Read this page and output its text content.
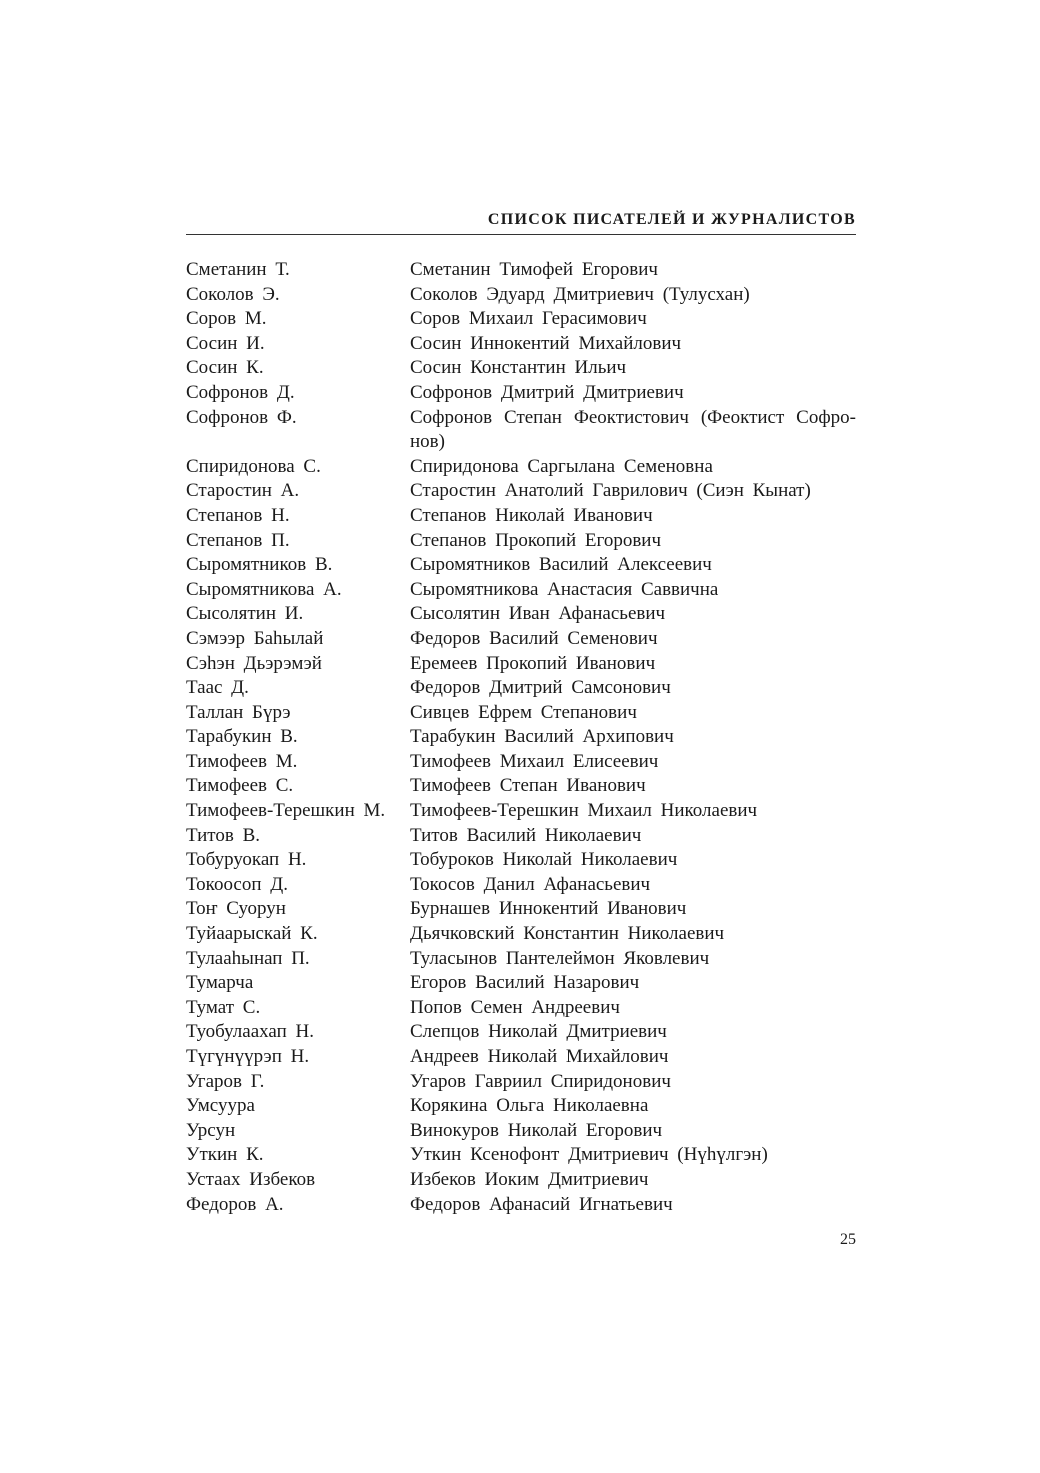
СПИСОК ПИСАТЕЛЕЙ И ЖУРНАЛИСТОВ
Сметанин Т.	Сметанин Тимофей Егорович
Соколов Э.	Соколов Эдуард Дмитриевич (Тулусхан)
Соров М.	Соров Михаил Герасимович
Сосин И.	Сосин Иннокентий Михайлович
Сосин К.	Сосин Константин Ильич
Софронов Д.	Софронов Дмитрий Дмитриевич
Софронов Ф.	Софронов Степан Феоктистович (Феоктист Софронов)
Спиридонова С.	Спиридонова Саргылана Семеновна
Старостин А.	Старостин Анатолий Гаврилович (Сиэн Кынат)
Степанов Н.	Степанов Николай Иванович
Степанов П.	Степанов Прокопий Егорович
Сыромятников В.	Сыромятников Василий Алексеевич
Сыромятникова А.	Сыромятникова Анастасия Саввична
Сысолятин И.	Сысолятин Иван Афанасьевич
Сэмээр Баһылай	Федоров Василий Семенович
Сэһэн Дьэрэмэй	Еремеев Прокопий Иванович
Таас Д.	Федоров Дмитрий Самсонович
Таллан Бүрэ	Сивцев Ефрем Степанович
Тарабукин В.	Тарабукин Василий Архипович
Тимофеев М.	Тимофеев Михаил Елисеевич
Тимофеев С.	Тимофеев Степан Иванович
Тимофеев-Терешкин М.	Тимофеев-Терешкин Михаил Николаевич
Титов В.	Титов Василий Николаевич
Тобуруокап Н.	Тобуроков Николай Николаевич
Токоосоп Д.	Токосов Данил Афанасьевич
Тоҥ Суорун	Бурнашев Иннокентий Иванович
Туйаарыскай К.	Дьячковский Константин Николаевич
Тулааһынап П.	Туласынов Пантелеймон Яковлевич
Тумарча	Егоров Василий Назарович
Тумат С.	Попов Семен Андреевич
Туобулаахап Н.	Слепцов Николай Дмитриевич
Түгүнүүрэп Н.	Андреев Николай Михайлович
Угаров Г.	Угаров Гавриил Спиридонович
Умсуура	Корякина Ольга Николаевна
Урсун	Винокуров Николай Егорович
Уткин К.	Уткин Ксенофонт Дмитриевич (Нүһүлгэн)
Устаах Избеков	Избеков Иоким Дмитриевич
Федоров А.	Федоров Афанасий Игнатьевич
25
